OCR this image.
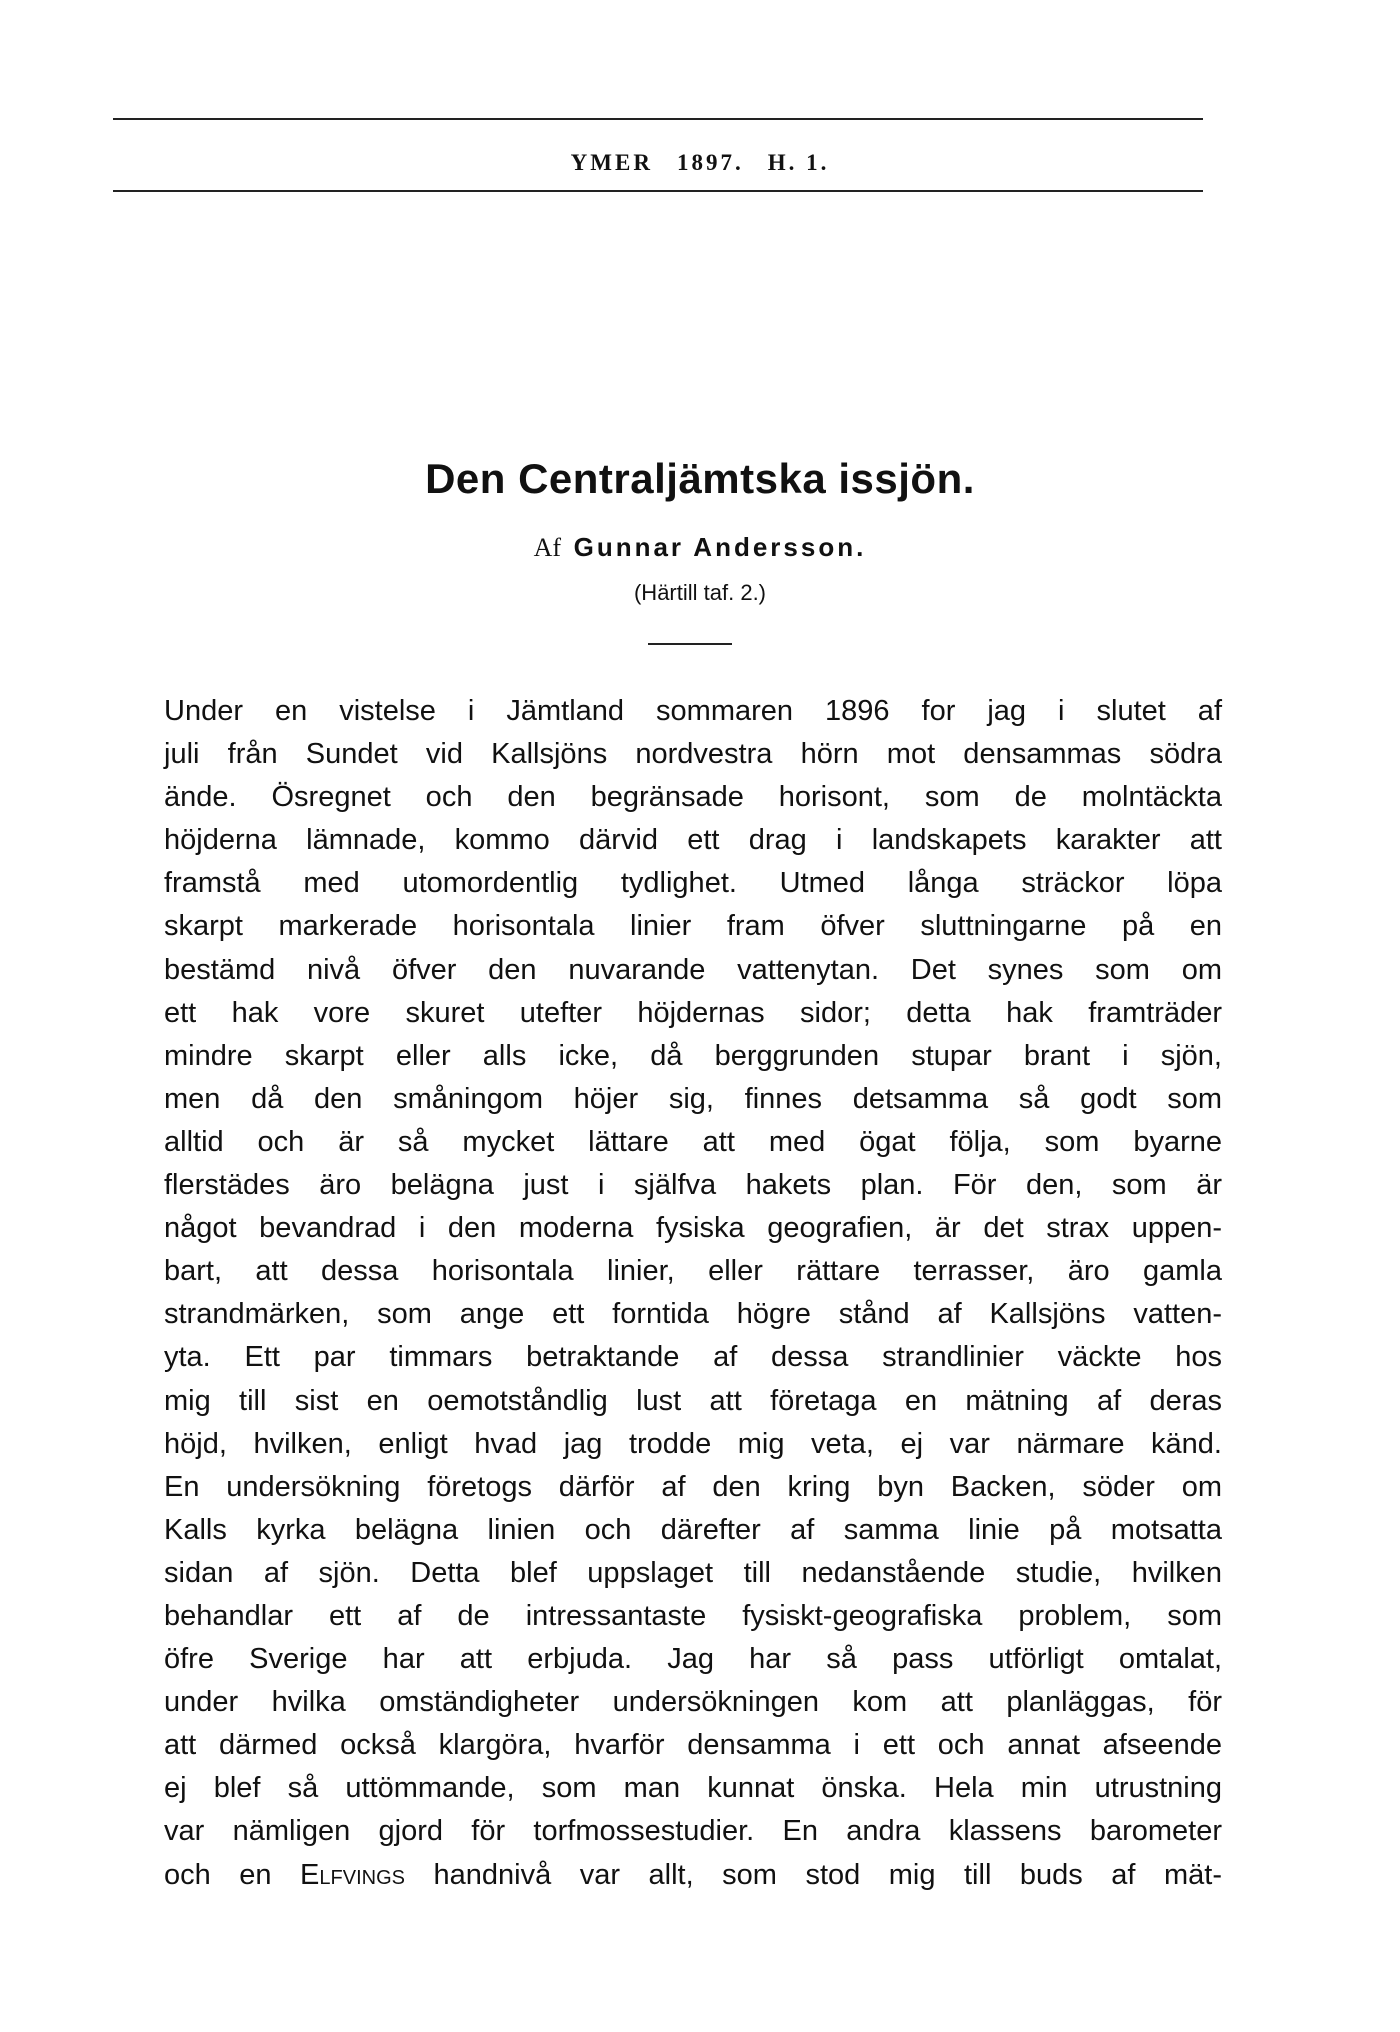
YMER 1897. H. 1.
Den Centraljämtska issjön.
Af Gunnar Andersson.
(Härtill taf. 2.)
Under en vistelse i Jämtland sommaren 1896 for jag i slutet af
juli från Sundet vid Kallsjöns nordvestra hörn mot densammas södra
ände. Ösregnet och den begränsade horisont, som de molntäckta
höjderna lämnade, kommo därvid ett drag i landskapets karakter att
framstå med utomordentlig tydlighet. Utmed långa sträckor löpa
skarpt markerade horisontala linier fram öfver sluttningarne på en
bestämd nivå öfver den nuvarande vattenytan. Det synes som om
ett hak vore skuret utefter höjdernas sidor; detta hak framträder
mindre skarpt eller alls icke, då berggrunden stupar brant i sjön,
men då den småningom höjer sig, finnes detsamma så godt som
alltid och är så mycket lättare att med ögat följa, som byarne
flerstädes äro belägna just i själfva hakets plan. För den, som är
något bevandrad i den moderna fysiska geografien, är det strax uppen-
bart, att dessa horisontala linier, eller rättare terrasser, äro gamla
strandmärken, som ange ett forntida högre stånd af Kallsjöns vatten-
yta. Ett par timmars betraktande af dessa strandlinier väckte hos
mig till sist en oemotståndlig lust att företaga en mätning af deras
höjd, hvilken, enligt hvad jag trodde mig veta, ej var närmare känd.
En undersökning företogs därför af den kring byn Backen, söder om
Kalls kyrka belägna linien och därefter af samma linie på motsatta
sidan af sjön. Detta blef uppslaget till nedanstående studie, hvilken
behandlar ett af de intressantaste fysiskt-geografiska problem, som
öfre Sverige har att erbjuda. Jag har så pass utförligt omtalat,
under hvilka omständigheter undersökningen kom att planläggas, för
att därmed också klargöra, hvarför densamma i ett och annat afseende
ej blef så uttömmande, som man kunnat önska. Hela min utrustning
var nämligen gjord för torfmossestudier. En andra klassens barometer
och en Elfvings handnivå var allt, som stod mig till buds af mät-
